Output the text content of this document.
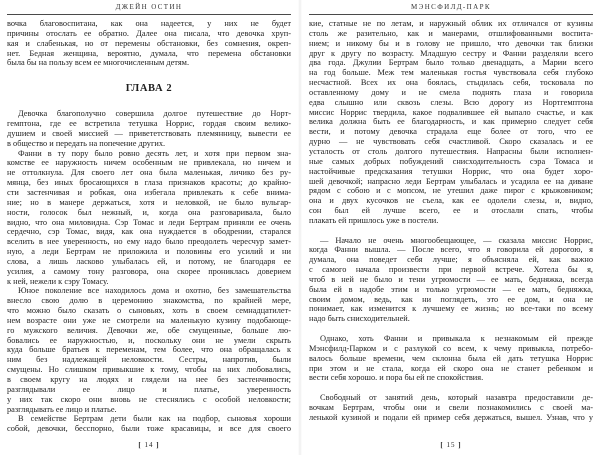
ДЖЕЙН ОСТИН
вочка благовоспитана, как она надеется, у них не будет
причины отослать ее обратно. Далее она писала, что девочка хруп-
кая и слабенькая, но от перемены обстановки, без сомнения, окреп-
нет. Бедная женщина, вероятно, думала, что перемена обстановки
была бы на пользу всем ее многочисленным детям.
ГЛАВА 2
Девочка благополучно совершила долгое путешествие до Норт-
гемптона, где ее встретила тетушка Норрис, гордая своим велико-
душием и своей миссией — привететствовать племянницу, вывести ее
в общество и передать на попечение других.
Фанни в ту пору было ровно десять лет, и хотя при первом зна-
комстве ее наружность ничем особенным не привлекала, но ничем и
не оттолкнула. Для своего лет она была маленькая, личико без ру-
мянца, без иных бросающихся в глаза признаков красоты; до крайно-
сти застенчивая и робкая, она избегала привлекать к себе внима-
ние; но в манере держаться, хотя и неловкой, не было вульгар-
ности, голосок был нежный, и, когда она разговаривала, было
видно, что она миловидна. Сэр Томас и леди Бертрам приняли ее очень
сердечно, сэр Томас, видя, как она нуждается в ободрении, старался
вселить в нее уверенность, но ему надо было преодолеть чересчур замет-
ную, а леди Бертрам не приложила и половины его усилий и ни
слова, а лишь ласково улыбалась ей, и потому, не благодаря ее
усилия, а самому тону разговора, она скорее прониклась доверием
к ней, нежели к сэру Томасу.
Юное поколение все находилось дома и охотно, без замешательства
внесло свою долю в церемонию знакомства, по крайней мере,
что можно было сказать о сыновьях, хоть в своем семнадцатилет-
нем возрасте они уже не смотрели на маленькую кузину подобающе-
го мужского величия. Девочки же, обе смущенные, больше лю-
бовались ее наружностью, и, поскольку они не умели скрыть
куда больше братьев к переменам, тем более, что она обращалась к
ним без надлежащей неловкости. Сестры, напротив, были
смущены. Но слишком привыкшие к тому, чтобы на них любовались,
в своем кругу на людях и глядели на нее без застенчивости;
разглядывали ее лицо и платье, уверенность
у них так скоро они вновь не стеснялись с особой неловкости;
разглядывать ее лицо и платье.
В семействе Бертрам дети были как на подбор, сыновья хороши
собой, девочки, бесспорно, были тоже красавицы, и все для своего
[ 14 ]
МЭНСФИЛД-ПАРК
кие, статные не по летам, и наружный облик их отличался от кузины
столь же разительно, как и манерами, отшлифованными воспита-
нием; и никому бы и в голову не пришло, что девочки так близки
друг к другу по возрасту. Младшую сестру и Фанни разделяли всего
два года. Джулии Бертрам было только двенадцать, а Марии всего
на год больше. Меж тем маленькая гостья чувствовала себя глубоко
несчастной. Всех их она боялась, стыдилась себя, тосковала по
оставленному дому и не смела поднять глаза и говорила
едва слышно или сквозь слезы. Всю дорогу из Нортгемптона
миссис Норрис твердила, какое подвалившее ей выпало счастье, и как
велика должна быть ее благодарность, и как примерно следует себя
вести, и потому девочка страдала еще более от того, что ее
дурно — не чувствовать себя счастливой. Скоро сказалась и ее
усталость от столь долгого путешествия. Напрасны были исполнен-
ные самых добрых побуждений снисходительность сэра Томаса и
настойчивые предсказания тетушки Норрис, что она будет хоро-
шей девочкой; напрасно леди Бертрам улыбалась и усадила ее на диване
рядом с собою и с мопсом, не утешил даже пирог с крыжовником;
она и двух кусочков не съела, как ее одолели слезы, и, видно,
сон был ей лучше всего, ее и отослали спать, чтобы
плакать ей пришлось уже в постели.
— Начало не очень многообещающее, — сказала миссис Норрис,
когда Фанни вышла. — После всего, что я говорила ей дорогою, я
думала, она поведет себя лучше; я объясняла ей, как важно
с самого начала произвести при первой встрече. Хотела бы я,
чтоб в ней не было и тени угрюмости — ее мать, бедняжка, всегда
была ей в надобе этим и только угрюмости — ее мать, бедняжка,
своим домом, ведь, как ни поглядеть, это ее дом, и она не
понимает, как изменится к лучшему ее жизнь; но все-таки по всему
надо быть снисходительней.
Однако, хоть Фанни и привыкала к незнакомым ей прежде
Мэнсфилд-Парком и с разлукой со всем, к чему привыкла, потребо-
валось больше времени, чем склонна была ей дать тетушка Норрис
при этом и не стала, когда ей скоро она не станет ребенком и
вести себя хорошо. и пора бы ей пе спокойствия.
Свободный от занятий день, который назавтра предоставили де-
вочкам Бертрам, чтобы они и свели познакомились с своей ма-
ленькой кузиной и подали ей пример себя держаться, вышел. Узнав, что у
[ 15 ]
